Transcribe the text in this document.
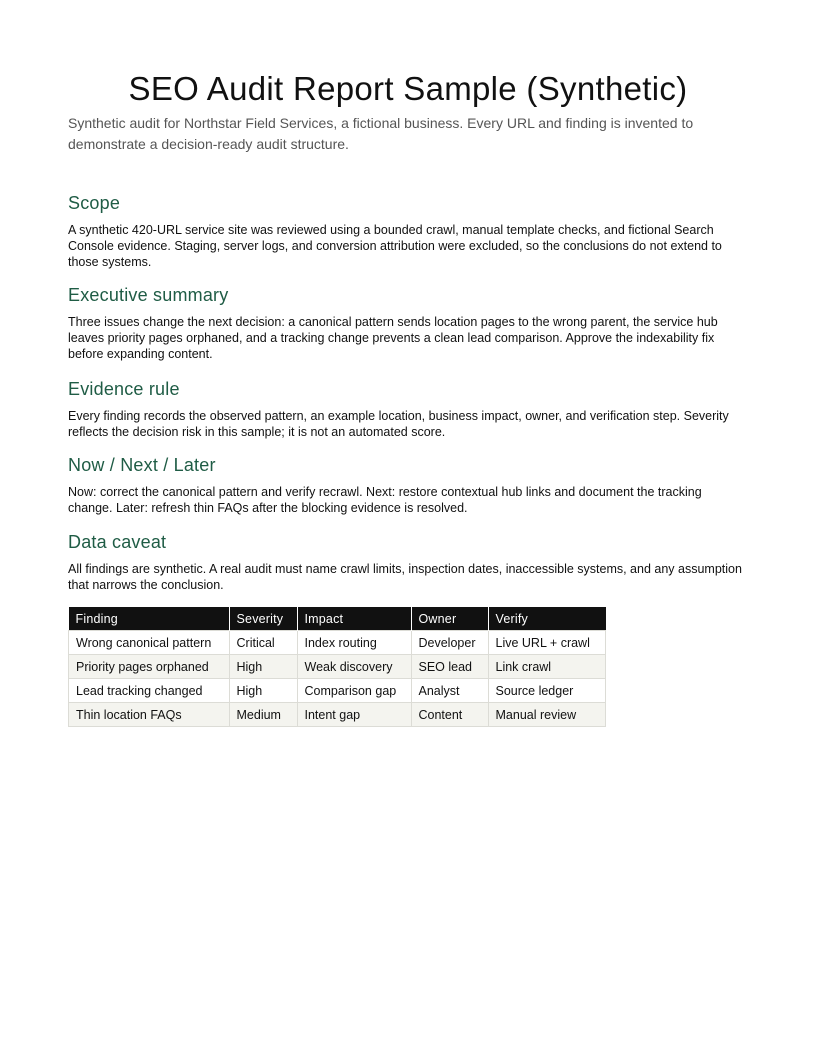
SEO Audit Report Sample (Synthetic)

Synthetic audit for Northstar Field Services, a fictional business. Every URL and finding is invented to demonstrate a decision-ready audit structure.

Scope

A synthetic 420-URL service site was reviewed using a bounded crawl, manual template checks, and fictional Search Console evidence. Staging, server logs, and conversion attribution were excluded, so the conclusions do not extend to those systems.

Executive summary

Three issues change the next decision: a canonical pattern sends location pages to the wrong parent, the service hub leaves priority pages orphaned, and a tracking change prevents a clean lead comparison. Approve the indexability fix before expanding content.

Evidence rule

Every finding records the observed pattern, an example location, business impact, owner, and verification step. Severity reflects the decision risk in this sample; it is not an automated score.

Now / Next / Later

Now: correct the canonical pattern and verify recrawl. Next: restore contextual hub links and document the tracking change. Later: refresh thin FAQs after the blocking evidence is resolved.

Data caveat

All findings are synthetic. A real audit must name crawl limits, inspection dates, inaccessible systems, and any assumption that narrows the conclusion.

Finding	Severity	Impact	Owner	Verify
Wrong canonical pattern	Critical	Index routing	Developer	Live URL + crawl
Priority pages orphaned	High	Weak discovery	SEO lead	Link crawl
Lead tracking changed	High	Comparison gap	Analyst	Source ledger
Thin location FAQs	Medium	Intent gap	Content	Manual review
